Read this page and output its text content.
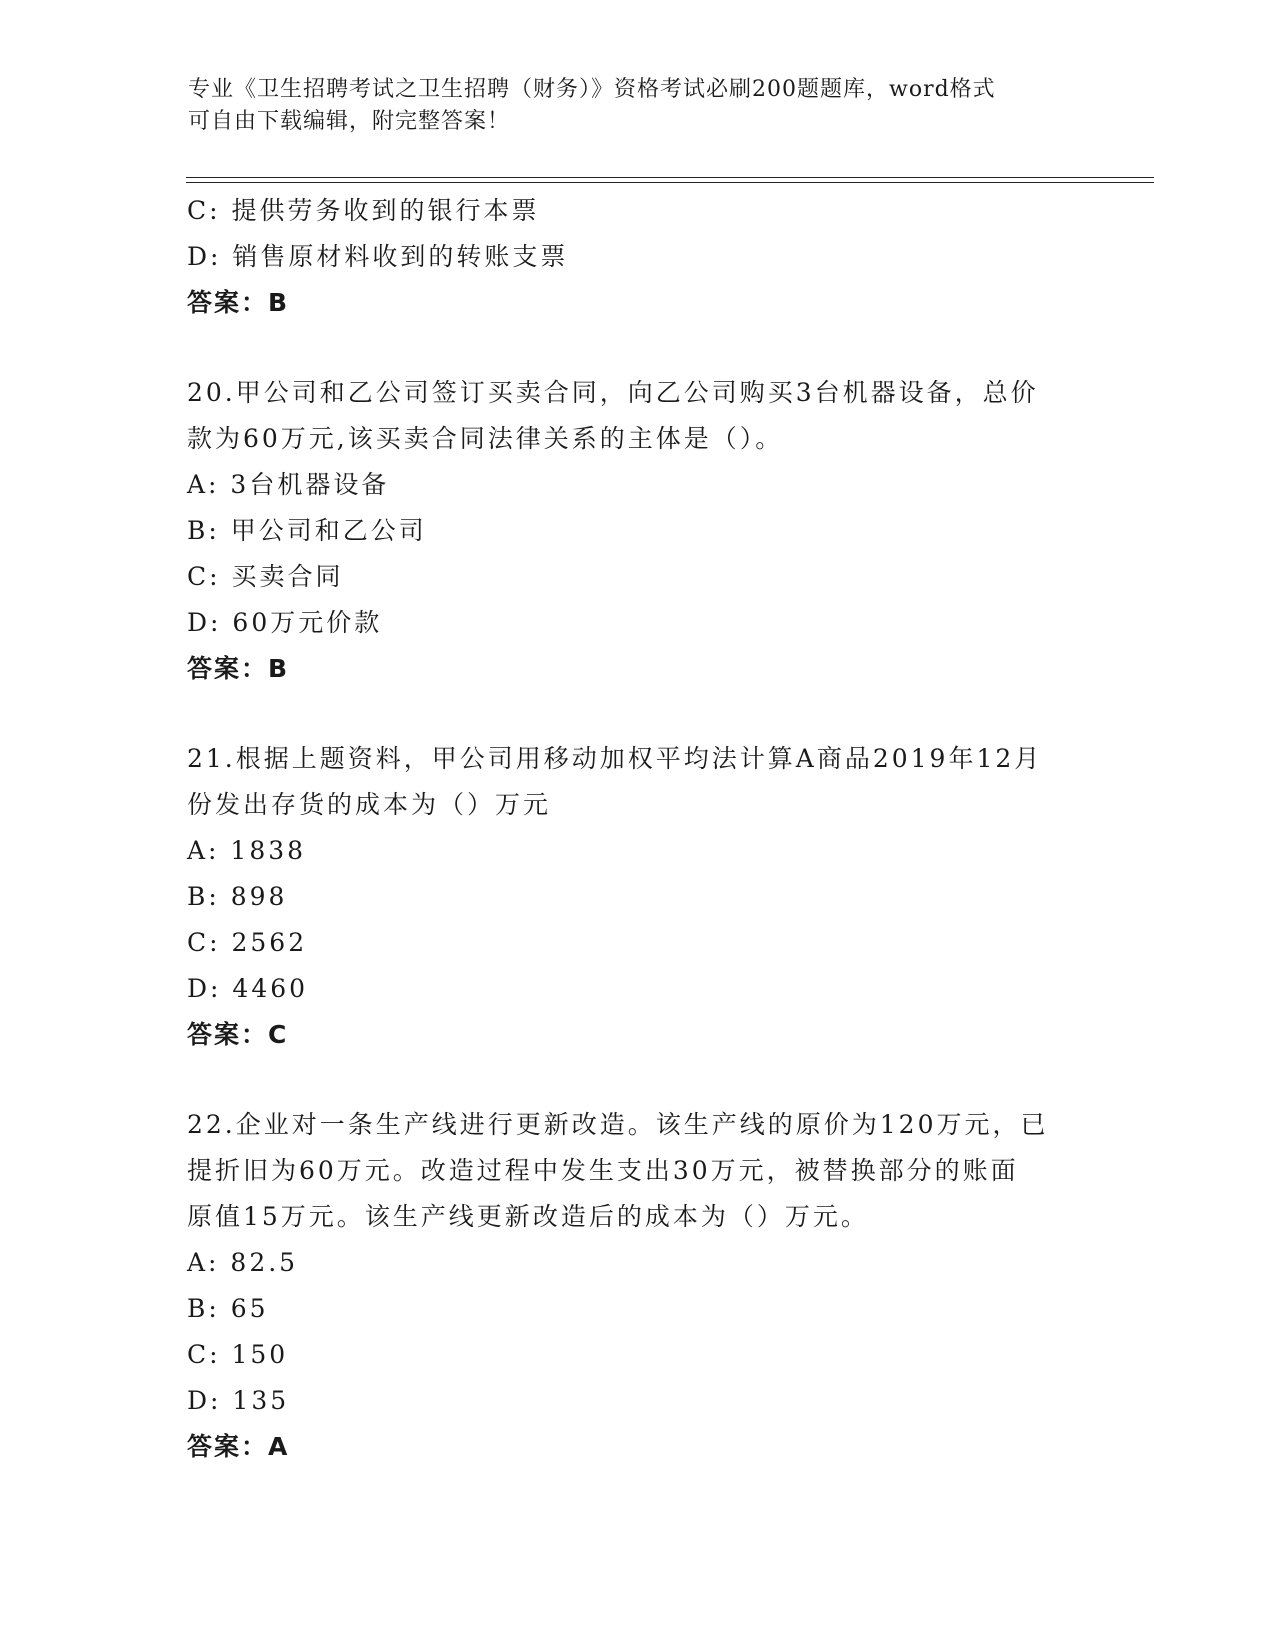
专业《卫生招聘考试之卫生招聘（财务）》资格考试必刷200题题库，word格式
可自由下载编辑，附完整答案！
C: 提供劳务收到的银行本票
D: 销售原材料收到的转账支票
答案：B
20.甲公司和乙公司签订买卖合同，向乙公司购买3台机器设备，总价
款为60万元,该买卖合同法律关系的主体是（）。
A: 3台机器设备
B: 甲公司和乙公司
C: 买卖合同
D: 60万元价款
答案：B
21.根据上题资料，甲公司用移动加权平均法计算A商品2019年12月
份发出存货的成本为（）万元
A: 1838
B: 898
C: 2562
D: 4460
答案：C
22.企业对一条生产线进行更新改造。该生产线的原价为120万元，已
提折旧为60万元。改造过程中发生支出30万元，被替换部分的账面
原值15万元。该生产线更新改造后的成本为（）万元。
A: 82.5
B: 65
C: 150
D: 135
答案：A
